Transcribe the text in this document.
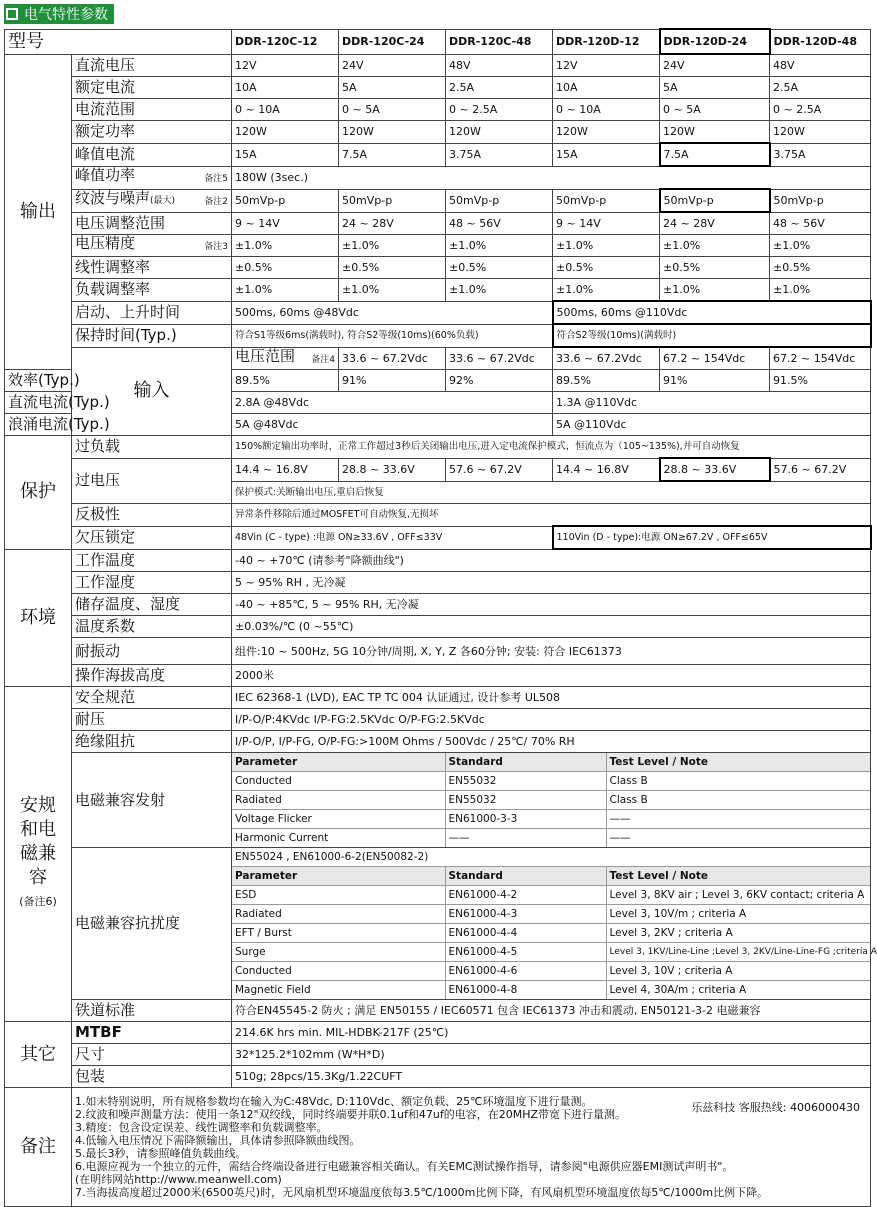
电气特性参数
型号	DDR-120C-12	DDR-120C-24	DDR-120C-48	DDR-120D-12	DDR-120D-24	DDR-120D-48
输出	直流电压	12V	24V	48V	12V	24V	48V
额定电流	10A	5A	2.5A	10A	5A	2.5A
电流范围	0 ~ 10A	0 ~ 5A	0 ~ 2.5A	0 ~ 10A	0 ~ 5A	0 ~ 2.5A
额定功率	120W	120W	120W	120W	120W	120W
峰值电流	15A	7.5A	3.75A	15A	7.5A	3.75A
峰值功率	备注5	180W (3sec.)
纹波与噪声(最大)	备注2	50mVp-p	50mVp-p	50mVp-p	50mVp-p	50mVp-p	50mVp-p
电压调整范围	9 ~ 14V	24 ~ 28V	48 ~ 56V	9 ~ 14V	24 ~ 28V	48 ~ 56V
电压精度	备注3	±1.0%	±1.0%	±1.0%	±1.0%	±1.0%	±1.0%
线性调整率	±0.5%	±0.5%	±0.5%	±0.5%	±0.5%	±0.5%
负载调整率	±1.0%	±1.0%	±1.0%	±1.0%	±1.0%	±1.0%
启动、上升时间	500ms, 60ms @48Vdc	500ms, 60ms @110Vdc
保持时间(Typ.)	符合S1等级6ms(满载时), 符合S2等级(10ms)(60%负载)	符合S2等级(10ms)(满载时)
输入	电压范围 备注4	33.6 ~ 67.2Vdc	33.6 ~ 67.2Vdc	33.6 ~ 67.2Vdc	67.2 ~ 154Vdc	67.2 ~ 154Vdc	
效率(Typ.)	89.5%	91%	92%	89.5%	91%	91.5%
直流电流(Typ.)	2.8A @48Vdc	1.3A @110Vdc
浪涌电流(Typ.)	5A @48Vdc	5A @110Vdc
保护	过负载	150%额定输出功率时，正常工作超过3秒后关闭输出电压,进入定电流保护模式，恒流点为（105~135%),并可自动恢复
过电压	14.4 ~ 16.8V	28.8 ~ 33.6V	57.6 ~ 67.2V	14.4 ~ 16.8V	28.8 ~ 33.6V	57.6 ~ 67.2V
保护模式:关断输出电压,重启后恢复
反极性	异常条件移除后通过MOSFET可自动恢复,无损坏
欠压锁定	48Vin (C - type) :电源 ON≥33.6V , OFF≤33V	110Vin (D - type):电源 ON≥67.2V , OFF≤65V
环境	工作温度	-40 ~ +70℃ (请参考"降额曲线")
工作湿度	5 ~ 95% RH , 无冷凝
储存温度、湿度	-40 ~ +85℃, 5 ~ 95% RH, 无冷凝
温度系数	±0.03%/℃ (0 ~55℃)
耐振动	组件:10 ~ 500Hz, 5G 10分钟/周期, X, Y, Z 各60分钟; 安装: 符合 IEC61373
操作海拔高度	2000米

安规和电磁兼容
(备注6)
	安全规范	IEC 62368-1 (LVD), EAC TP TC 004 认证通过, 设计参考 UL508
耐压	I/P-O/P:4KVdc I/P-FG:2.5KVdc O/P-FG:2.5KVdc
绝缘阻抗	I/P-O/P, I/P-FG, O/P-FG:>100M Ohms / 500Vdc / 25℃/ 70% RH
电磁兼容发射	
Parameter	Standard	Test Level / Note
Conducted	EN55032	Class B
Radiated	EN55032	Class B
Voltage Flicker	EN61000-3-3	——
Harmonic Current	——	——

电磁兼容抗扰度	
EN55024 , EN61000-6-2(EN50082-2)
Parameter	Standard	Test Level / Note
ESD	EN61000-4-2	Level 3, 8KV air ; Level 3, 6KV contact; criteria A
Radiated	EN61000-4-3	Level 3, 10V/m ; criteria A
EFT / Burst	EN61000-4-4	Level 3, 2KV ; criteria A
Surge	EN61000-4-5	Level 3, 1KV/Line-Line ;Level 3, 2KV/Line-Line-FG ;criteria A
Conducted	EN61000-4-6	Level 3, 10V ; criteria A
Magnetic Field	EN61000-4-8	Level 4, 30A/m ; criteria A

铁道标准	符合EN45545-2 防火 ; 满足 EN50155 / IEC60571 包含 IEC61373 冲击和震动, EN50121-3-2 电磁兼容
其它	MTBF	214.6K hrs min. MIL-HDBK-217F (25℃)
尺寸	32*125.2*102mm (W*H*D)
包装	510g; 28pcs/15.3Kg/1.22CUFT
备注	
1.如未特别说明，所有规格参数均在输入为C:48Vdc, D:110Vdc、额定负载、25℃环境温度下进行量测。
2.纹波和噪声测量方法：使用一条12"双绞线，同时终端要并联0.1uf和47uf的电容，在20MHZ带宽下进行量测。
3.精度：包含设定误差、线性调整率和负载调整率。
4.低输入电压情况下需降额输出，具体请参照降额曲线图。
5.最长3秒，请参照峰值负载曲线。
6.电源应视为一个独立的元件，需结合终端设备进行电磁兼容相关确认。有关EMC测试操作指导，请参阅"电源供应器EMI测试声明书"。
(在明纬网站http://www.meanwell.com)
7.当海拔高度超过2000米(6500英尺)时，无风扇机型环境温度依每3.5℃/1000m比例下降，有风扇机型环境温度依每5℃/1000m比例下降。
乐兹科技 客服热线: 4006000430
